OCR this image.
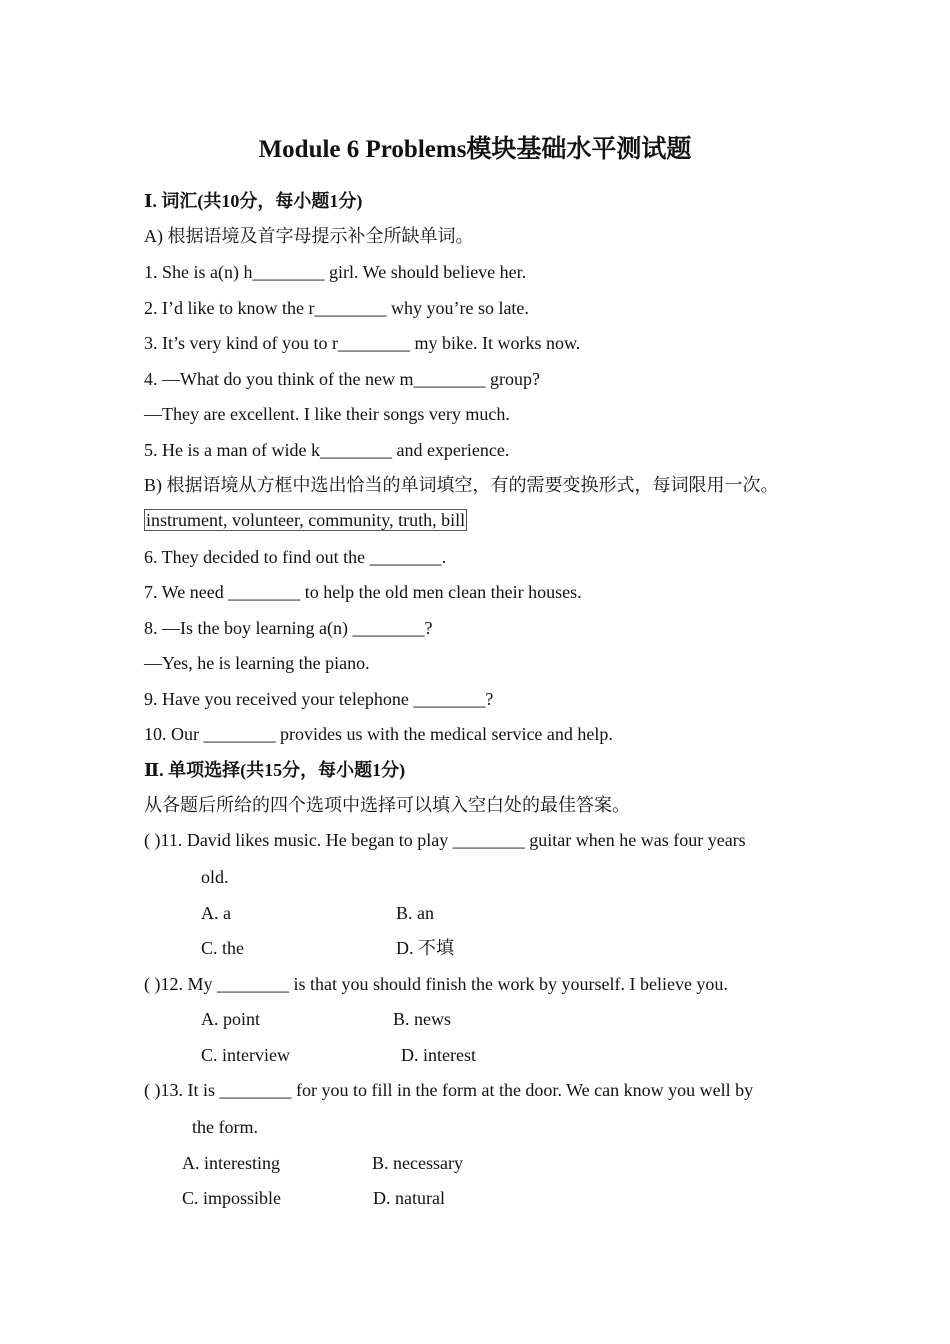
Module 6 Problems模块基础水平测试题
Ⅰ. 词汇(共10分，每小题1分)
A) 根据语境及首字母提示补全所缺单词。
1. She is a(n) h________ girl. We should believe her.
2. I’d like to know the r________ why you’re so late.
3. It’s very kind of you to r________ my bike. It works now.
4. —What do you think of the new m________ group?
—They are excellent. I like their songs very much.
5. He is a man of wide k________ and experience.
B) 根据语境从方框中选出恰当的单词填空，有的需要变换形式，每词限用一次。
instrument, volunteer, community, truth, bill
6. They decided to find out the ________.
7. We need ________ to help the old men clean their houses.
8. —Is the boy learning a(n) ________?
—Yes, he is learning the piano.
9. Have you received your telephone ________?
10. Our ________ provides us with the medical service and help.
Ⅱ. 单项选择(共15分，每小题1分)
从各题后所给的四个选项中选择可以填入空白处的最佳答案。
( )11. David likes music. He began to play ________ guitar when he was four years
old.
A. a	B. an
C. the	D. 不填
( )12. My ________ is that you should finish the work by yourself. I believe you.
A. point	B. news
C. interview	D. interest
( )13. It is ________ for you to fill in the form at the door. We can know you well by
the form.
A. interesting	B. necessary
C. impossible	D. natural
